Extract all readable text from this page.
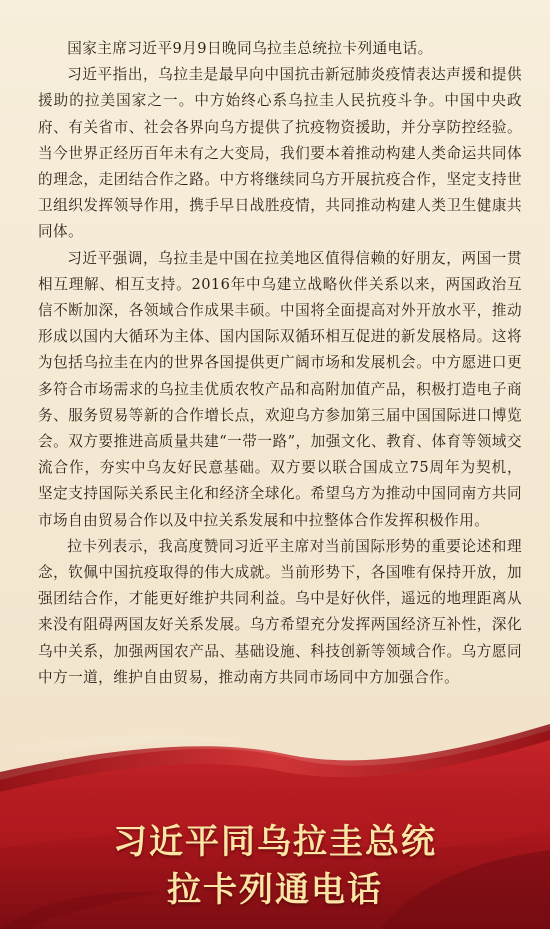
国家主席习近平9月9日晚同乌拉圭总统拉卡列通电话。

习近平指出，乌拉圭是最早向中国抗击新冠肺炎疫情表达声援和提供援助的拉美国家之一。中方始终心系乌拉圭人民抗疫斗争。中国中央政府、有关省市、社会各界向乌方提供了抗疫物资援助，并分享防控经验。当今世界正经历百年未有之大变局，我们要本着推动构建人类命运共同体的理念，走团结合作之路。中方将继续同乌方开展抗疫合作，坚定支持世卫组织发挥领导作用，携手早日战胜疫情，共同推动构建人类卫生健康共同体。

习近平强调，乌拉圭是中国在拉美地区值得信赖的好朋友，两国一贯相互理解、相互支持。2016年中乌建立战略伙伴关系以来，两国政治互信不断加深，各领域合作成果丰硕。中国将全面提高对外开放水平，推动形成以国内大循环为主体、国内国际双循环相互促进的新发展格局。这将为包括乌拉圭在内的世界各国提供更广阔市场和发展机会。中方愿进口更多符合市场需求的乌拉圭优质农牧产品和高附加值产品，积极打造电子商务、服务贸易等新的合作增长点，欢迎乌方参加第三届中国国际进口博览会。双方要推进高质量共建“一带一路”，加强文化、教育、体育等领域交流合作，夯实中乌友好民意基础。双方要以联合国成立75周年为契机，坚定支持国际关系民主化和经济全球化。希望乌方为推动中国同南方共同市场自由贸易合作以及中拉关系发展和中拉整体合作发挥积极作用。

拉卡列表示，我高度赞同习近平主席对当前国际形势的重要论述和理念，钦佩中国抗疫取得的伟大成就。当前形势下，各国唯有保持开放，加强团结合作，才能更好维护共同利益。乌中是好伙伴，遥远的地理距离从来没有阻碍两国友好关系发展。乌方希望充分发挥两国经济互补性，深化乌中关系，加强两国农产品、基础设施、科技创新等领域合作。乌方愿同中方一道，维护自由贸易，推动南方共同市场同中方加强合作。

习近平同乌拉圭总统
拉卡列通电话
